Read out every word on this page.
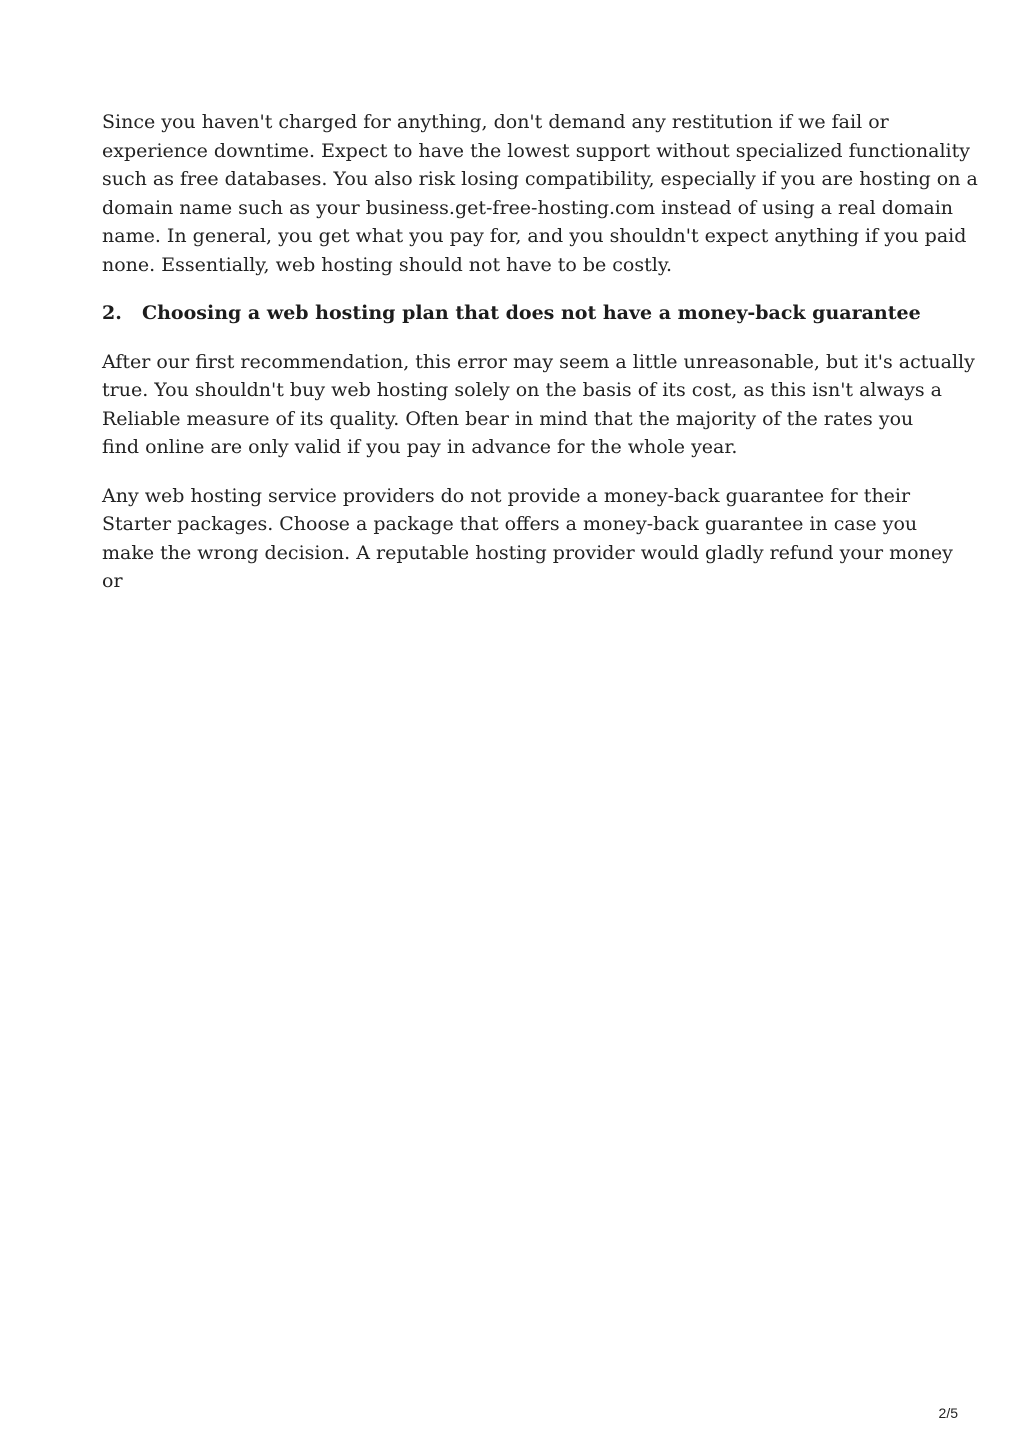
Since you haven't charged for anything, don't demand any restitution if we fail or
experience downtime. Expect to have the lowest support without specialized functionality
such as free databases. You also risk losing compatibility, especially if you are hosting on a
domain name such as your business.get-free-hosting.com instead of using a real domain
name. In general, you get what you pay for, and you shouldn't expect anything if you paid
none. Essentially, web hosting should not have to be costly.
2. Choosing a web hosting plan that does not have a money-back guarantee
After our first recommendation, this error may seem a little unreasonable, but it's actually
true. You shouldn't buy web hosting solely on the basis of its cost, as this isn't always a
Reliable measure of its quality. Often bear in mind that the majority of the rates you
find online are only valid if you pay in advance for the whole year.
Any web hosting service providers do not provide a money-back guarantee for their
Starter packages. Choose a package that offers a money-back guarantee in case you
make the wrong decision. A reputable hosting provider would gladly refund your money
or
2/5
